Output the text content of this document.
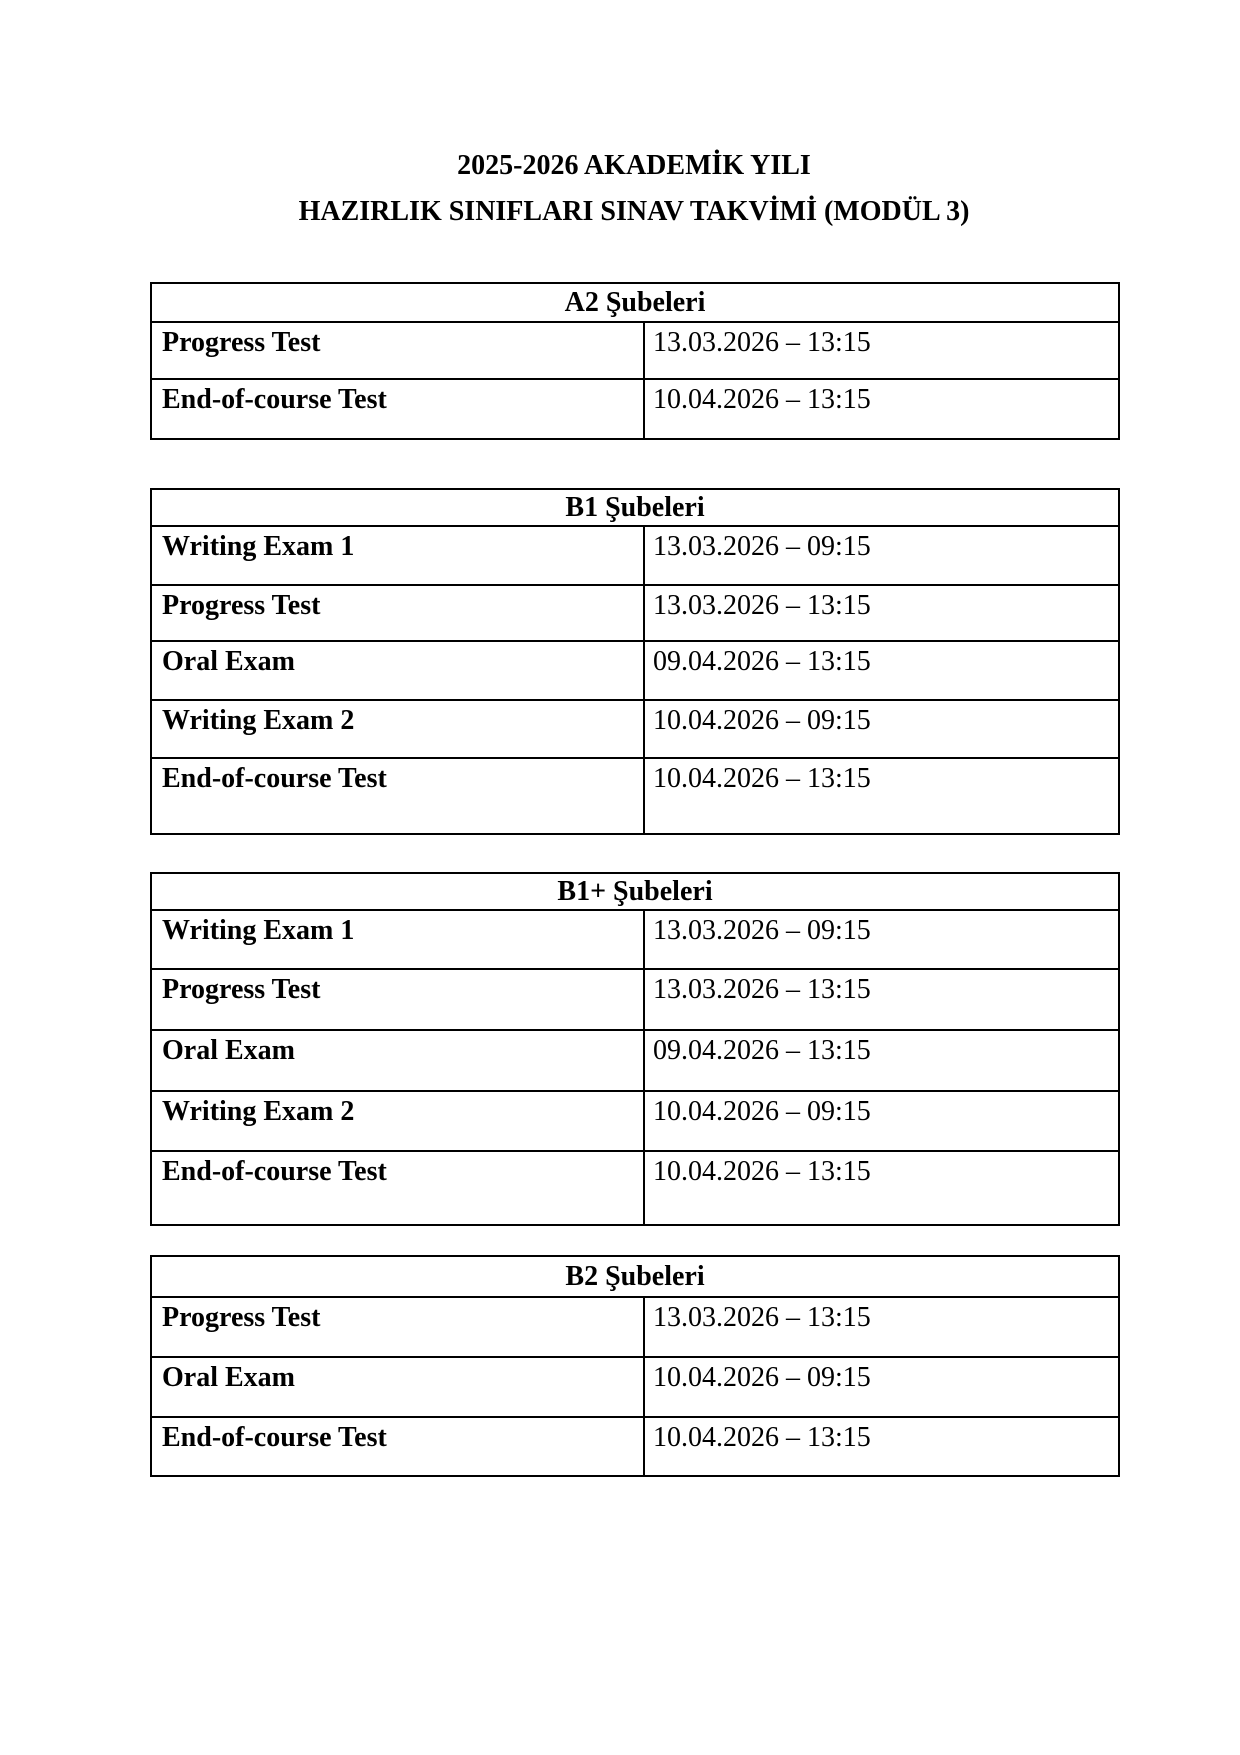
2025-2026 AKADEMİK YILI
HAZIRLIK SINIFLARI SINAV TAKVİMİ (MODÜL 3)
A2 Şubeleri	
Progress Test	13.03.2026 – 13:15
End-of-course Test	10.04.2026 – 13:15
B1 Şubeleri	
Writing Exam 1	13.03.2026 – 09:15
Progress Test	13.03.2026 – 13:15
Oral Exam	09.04.2026 – 13:15
Writing Exam 2	10.04.2026 – 09:15
End-of-course Test	10.04.2026 – 13:15
B1+ Şubeleri	
Writing Exam 1	13.03.2026 – 09:15
Progress Test	13.03.2026 – 13:15
Oral Exam	09.04.2026 – 13:15
Writing Exam 2	10.04.2026 – 09:15
End-of-course Test	10.04.2026 – 13:15
B2 Şubeleri	
Progress Test	13.03.2026 – 13:15
Oral Exam	10.04.2026 – 09:15
End-of-course Test	10.04.2026 – 13:15
